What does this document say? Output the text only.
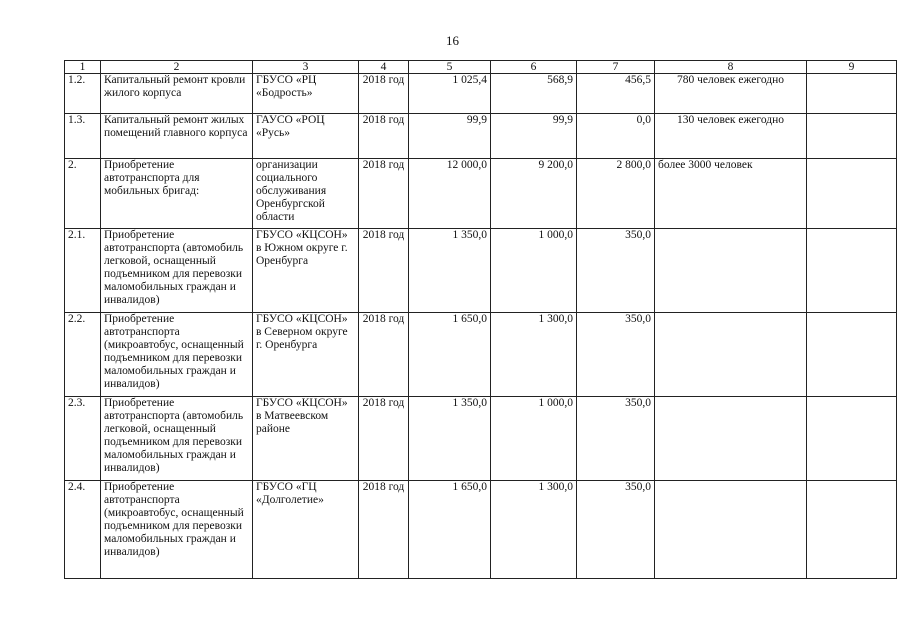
16
1	2	3	4	5	6	7	8	9
1.2.	Капитальный ремонт кровли жилого корпуса	ГБУСО «РЦ «Бодрость»	2018 год	1 025,4	568,9	456,5	780 человек ежегодно	
1.3.	Капитальный ремонт жилых помещений главного корпуса	ГАУСО «РОЦ «Русь»	2018 год	99,9	99,9	0,0	130 человек ежегодно	
2.	Приобретение автотранспорта для мобильных бригад:	организации социального обслуживания Оренбургской области	2018 год	12 000,0	9 200,0	2 800,0	более 3000 человек	
2.1.	Приобретение автотранспорта (автомобиль легковой, оснащенный подъемником для перевозки маломобильных граждан и инвалидов)	ГБУСО «КЦСОН» в Южном округе г. Оренбурга	2018 год	1 350,0	1 000,0	350,0		
2.2.	Приобретение автотранспорта (микроавтобус, оснащенный подъемником для перевозки маломобильных граждан и инвалидов)	ГБУСО «КЦСОН» в Северном округе г. Оренбурга	2018 год	1 650,0	1 300,0	350,0		
2.3.	Приобретение автотранспорта (автомобиль легковой, оснащенный подъемником для перевозки маломобильных граждан и инвалидов)	ГБУСО «КЦСОН» в Матвеевском районе	2018 год	1 350,0	1 000,0	350,0		
2.4.	Приобретение автотранспорта (микроавтобус, оснащенный подъемником для перевозки маломобильных граждан и инвалидов)	ГБУСО «ГЦ «Долголетие»	2018 год	1 650,0	1 300,0	350,0		
